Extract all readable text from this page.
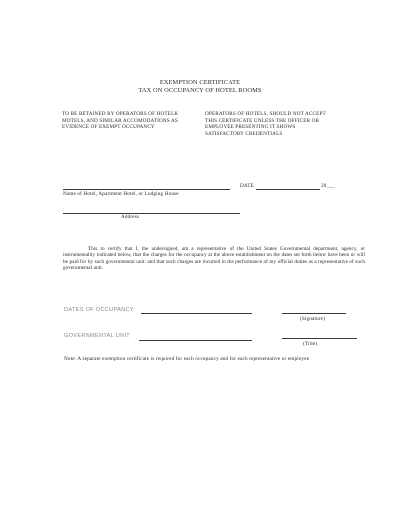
EXEMPTION CERTIFICATE
TAX ON OCCUPANCY OF HOTEL ROOMS
TO BE RETAINED BY OPERATORS OF HOTELK
MOTELS, AND SIMILAR ACCOMODATIONS AS
EVIDENCE OF EXEMPT OCCUPANCY
OPERATORS OF HOTELS, SHOULD NOT ACCEPT
THIS CERTIFICATE UNLESS THE OFFICER OR
EMPLOYEE PRESENTING IT SHOWS
SATISFACTORY CREDENTIALS
DATE	20___
Name of Hotel, Apartment Hotel, or Lodging House
Address
This to certify that I, the undersigned, am a representative of the United States Governmental department, agency, or instrumentality indicated below, that the charges for the occupancy at the above establishment on the dates set forth below have been or will be paid for by such governmental unit: and that such charges are incurred in the performance of my official duties as a representative of such governmental unit.
DATES OF OCCUPANCY
(Signature)
GOVERNMENTAL UNIT
(Title)
Note: A separate exemption certificate is required for each occupancy and for each representative or employee.
